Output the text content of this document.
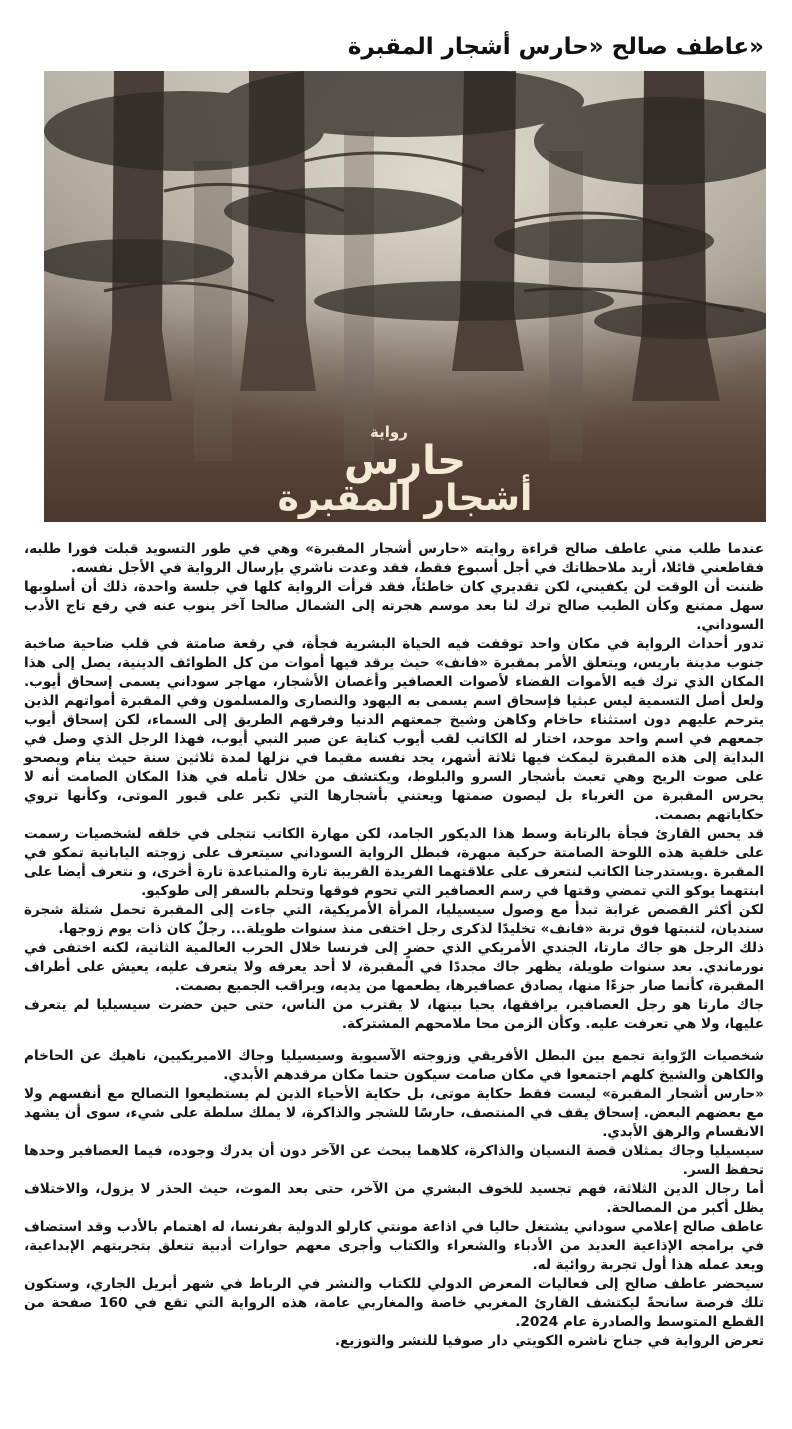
«عاطف صالح «حارس أشجار المقبرة
رواية
حارس
أشجار المقبرة

عندما طلب مني عاطف صالح قراءة روايته «حارس أشجار المقبرة» وهي في طور التسويد قبلت فورا طلبه، فقاطعني قائلا، أريد ملاحظاتك في أجل أسبوع فقط، فقد وعدت ناشري بإرسال الرواية في الأجل نفسه.

ظننت أن الوقت لن يكفيني، لكن تقديري كان خاطئاً، فقد قرأت الرواية كلها في جلسة واحدة، ذلك أن أسلوبها سهل ممتنع وكأن الطيب صالح ترك لنا بعد موسم هجرته إلى الشمال صالحا آخر ينوب عنه في رفع تاج الأدب السوداني.

تدور أحداث الرواية في مكان واحد توقفت فيه الحياة البشرية فجأة، في رقعة صامتة في قلب ضاحية صاخبة جنوب مدينة باريس، ويتعلق الأمر بمقبرة «فانف» حيث يرقد فيها أموات من كل الطوائف الدينية، يصل إلى هذا المكان الذي ترك فيه الأموات الفضاء لأصوات العصافير وأغصان الأشجار، مهاجر سوداني يسمى إسحاق أيوب. ولعل أصل التسمية ليس عبثيا فإسحاق اسم يسمى به اليهود والنصارى والمسلمون وفي المقبرة أمواتهم الذين يترحم عليهم دون استثناء حاخام وكاهن وشيخ جمعتهم الدنيا وفرقهم الطريق إلى السماء، لكن إسحاق أيوب جمعهم في اسم واحد موحد، اختار له الكاتب لقب أيوب كناية عن صبر النبي أيوب، فهذا الرجل الذي وصل في البداية إلى هذه المقبرة ليمكث فيها ثلاثة أشهر، يجد نفسه مقيما في نزلها لمدة ثلاثين سنة حيث ينام ويصحو على صوت الريح وهي تعبث بأشجار السرو والبلوط، ويكتشف من خلال تأمله في هذا المكان الصامت أنه لا يحرس المقبرة من الغرباء بل ليصون صمتها ويعتني بأشجارها التي تكبر على قبور الموتى، وكأنها تروي حكاياتهم بصمت.

قد يحس القارئ فجأة بالرتابة وسط هذا الديكور الجامد، لكن مهارة الكاتب تتجلى في خلقه لشخصيات رسمت على خلفية هذه اللوحة الصامتة حركية مبهرة، فبطل الرواية السوداني سيتعرف على زوجته اليابانية تمكو في المقبرة .ويستدرجنا الكاتب لنتعرف على علاقتهما الفريدة القريبة تارة والمتباعدة تارة أخرى، و نتعرف أيضا على ابنتهما يوكو التي تمضي وقتها في رسم العصافير التي تحوم فوقها وتحلم بالسفر إلى طوكيو.

لكن أكثر القصص غرابة تبدأ مع وصول سيسيليا، المرأة الأمريكية، التي جاءت إلى المقبرة تحمل شتلة شجرة سنديان، لتنبتها فوق تربة «فانف» تخليدًا لذكرى رجل اختفى منذ سنوات طويلة... رجلٌ كان ذات يوم زوجها.

ذلك الرجل هو جاك مارتا، الجندي الأمريكي الذي حضرٍ إلى فرنسا خلال الحرب العالمية الثانية، لكنه اختفى في نورماندي. بعد سنوات طويلة، يظهر جاك مجددًا في المقبرة، لا أحد يعرفه ولا يتعرف عليه، يعيش على أطراف المقبرة، كأنما صار جزءًا منها، يصادق عصافيرها، يطعمها من يديه، ويراقب الجميع بصمت.

جاك مارتا هو رجل العصافير، يرافقها، يحيا بينها، لا يقترب من الناس، حتى حين حضرت سيسيليا لم يتعرف عليها، ولا هي تعرفت عليه. وكأن الزمن محا ملامحهم المشتركة.

شخصيات الرّواية تجمع بين البطل الأفريقي وزوجته الآسيوية وسيسيليا وجاك الاميريكيين، ناهيك عن الحاخام والكاهن والشيخ كلهم اجتمعوا في مكان صامت سيكون حتما مكان مرقدهم الأبدي.

«حارس أشجار المقبرة» ليست فقط حكاية موتى، بل حكاية الأحياء الذين لم يستطيعوا التصالح مع أنفسهم ولا مع بعضهم البعض. إسحاق يقف في المنتصف، حارسًا للشجر والذاكرة، لا يملك سلطة على شيء، سوى أن يشهد الانقسام والرهق الأبدي.

سيسيليا وجاك يمثلان قصة النسيان والذاكرة، كلاهما يبحث عن الآخر دون أن يدرك وجوده، فيما العصافير وحدها تحفظ السر.

أما رجال الدين الثلاثة، فهم تجسيد للخوف البشري من الآخر، حتى بعد الموت، حيث الحذر لا يزول، والاختلاف يظل أكبر من المصالحة.

عاطف صالح إعلامي سوداني يشتغل حاليا في اذاعة مونتي كارلو الدولية بفرنسا، له اهتمام بالأدب وقد استضاف في برامجه الإذاعية العديد من الأدباء والشعراء والكتاب وأجرى معهم حوارات أدبية تتعلق بتجربتهم الإبداعية، ويعد عمله هذا أول تجربة روائية له.

سيحضر عاطف صالح إلى فعاليات المعرض الدولي للكتاب والنشر في الرباط في شهر أبريل الجاري، وستكون تلك فرصة سانحةً ليكتشف القارئ المغربي خاصة والمغاربي عامة، هذه الرواية التي تقع في 160 صفحة من القطع المتوسط والصادرة عام 2024.

تعرض الرواية في جناح ناشره الكويتي دار صوفيا للنشر والتوزيع.
